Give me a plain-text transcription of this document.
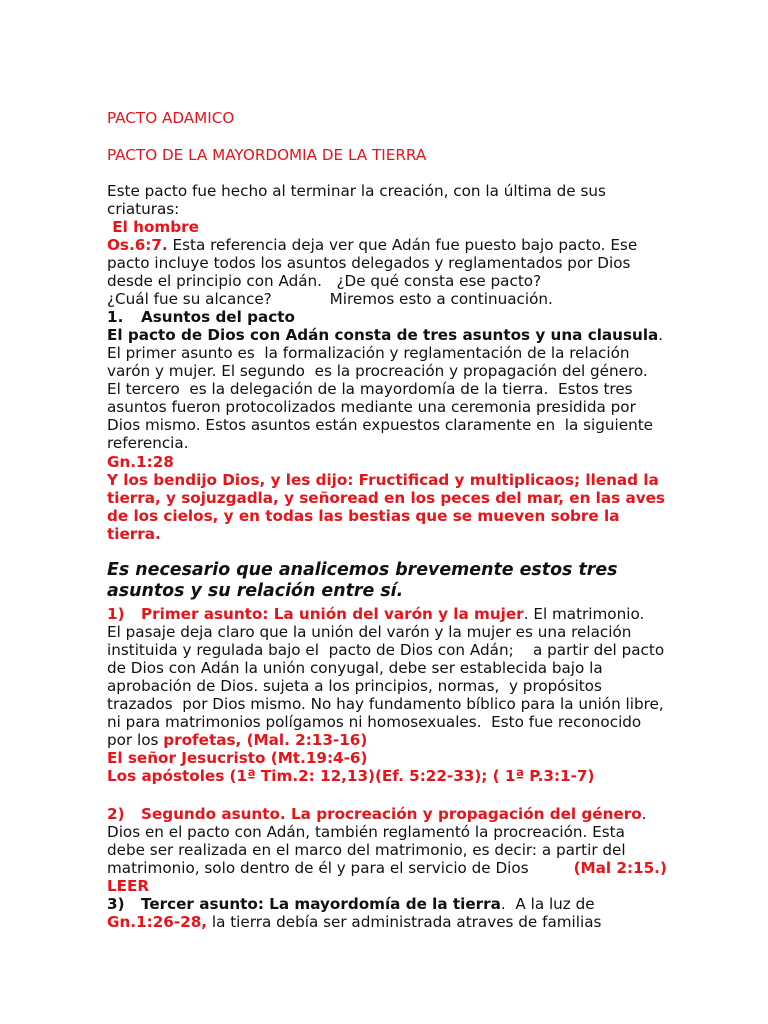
PACTO ADAMICO
PACTO DE LA MAYORDOMIA DE LA TIERRA
Este pacto fue hecho al terminar la creación, con la última de sus
criaturas:
El hombre
Os.6:7. Esta referencia deja ver que Adán fue puesto bajo pacto. Ese
pacto incluye todos los asuntos delegados y reglamentados por Dios
desde el principio con Adán.   ¿De qué consta ese pacto?
¿Cuál fue su alcance?            Miremos esto a continuación.
1. Asuntos del pacto
El pacto de Dios con Adán consta de tres asuntos y una clausula.
El primer asunto es  la formalización y reglamentación de la relación
varón y mujer. El segundo  es la procreación y propagación del género.
El tercero  es la delegación de la mayordomía de la tierra.  Estos tres
asuntos fueron protocolizados mediante una ceremonia presidida por
Dios mismo. Estos asuntos están expuestos claramente en  la siguiente
referencia.
Gn.1:28
Y los bendijo Dios, y les dijo: Fructificad y multiplicaos; llenad la
tierra, y sojuzgadla, y señoread en los peces del mar, en las aves
de los cielos, y en todas las bestias que se mueven sobre la
tierra.
Es necesario que analicemos brevemente estos tres
asuntos y su relación entre sí.
1) Primer asunto: La unión del varón y la mujer. El matrimonio.
El pasaje deja claro que la unión del varón y la mujer es una relación
instituida y regulada bajo el  pacto de Dios con Adán;    a partir del pacto
de Dios con Adán la unión conyugal, debe ser establecida bajo la
aprobación de Dios. sujeta a los principios, normas,  y propósitos
trazados  por Dios mismo. No hay fundamento bíblico para la unión libre,
ni para matrimonios polígamos ni homosexuales.  Esto fue reconocido
por los profetas, (Mal. 2:13-16)
El señor Jesucristo (Mt.19:4-6)
Los apóstoles (1ª Tim.2: 12,13)(Ef. 5:22-33); ( 1ª P.3:1-7)
2) Segundo asunto. La procreación y propagación del género.
Dios en el pacto con Adán, también reglamentó la procreación. Esta
debe ser realizada en el marco del matrimonio, es decir: a partir del
matrimonio, solo dentro de él y para el servicio de Dios	(Mal 2:15.)
LEER
3) Tercer asunto: La mayordomía de la tierra.  A la luz de
Gn.1:26-28, la tierra debía ser administrada atraves de familias
